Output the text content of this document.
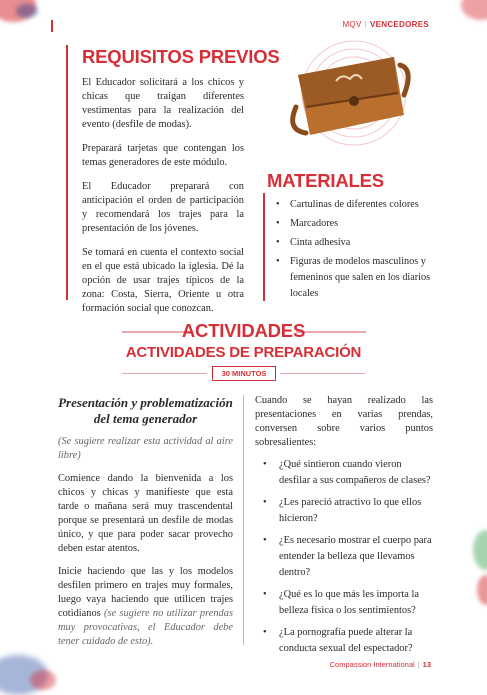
MQV | VENCEDORES
REQUISITOS PREVIOS

El Educador solicitará a los chicos y chicas que traigan diferentes vestimentas para la realización del evento (desfile de modas).

Preparará tarjetas que contengan los temas generadores de este módulo.

El Educador preparará con anticipación el orden de participación y recomendará los trajes para la presentación de los jóvenes.

Se tomará en cuenta el contexto social en el que está ubicado la iglesia. Dé la opción de usar trajes típicos de la zona: Costa, Sierra, Oriente u otra formación social que conozcan.

MATERIALES
• Cartulinas de diferentes colores
• Marcadores
• Cinta adhesiva
• Figuras de modelos masculinos y femeninos que salen en los diarios locales
ACTIVIDADES
ACTIVIDADES DE PREPARACIÓN
30 MINUTOS
Presentación y problematización del tema generador

(Se sugiere realizar esta actividad al aire libre)

Comience dando la bienvenida a los chicos y chicas y manifieste que esta tarde o mañana será muy trascendental porque se presentará un desfile de modas único, y que para poder sacar provecho deben estar atentos.

Inicie haciendo que las y los modelos desfilen primero en trajes muy formales, luego vaya haciendo que utilicen trajes cotidianos (se sugiere no utilizar prendas muy provocativas, el Educador debe tener cuidado de esto).

Cuando se hayan realizado las presentaciones en varias prendas, conversen sobre varios puntos sobresalientes:

• ¿Qué sintieron cuando vieron desfilar a sus compañeros de clases?
• ¿Les pareció atractivo lo que ellos hicieron?
• ¿Es necesario mostrar el cuerpo para entender la belleza que llevamos dentro?
• ¿Qué es lo que más les importa la belleza física o los sentimientos?
• ¿La pornografía puede alterar la conducta sexual del espectador?
Compassion International | 13
